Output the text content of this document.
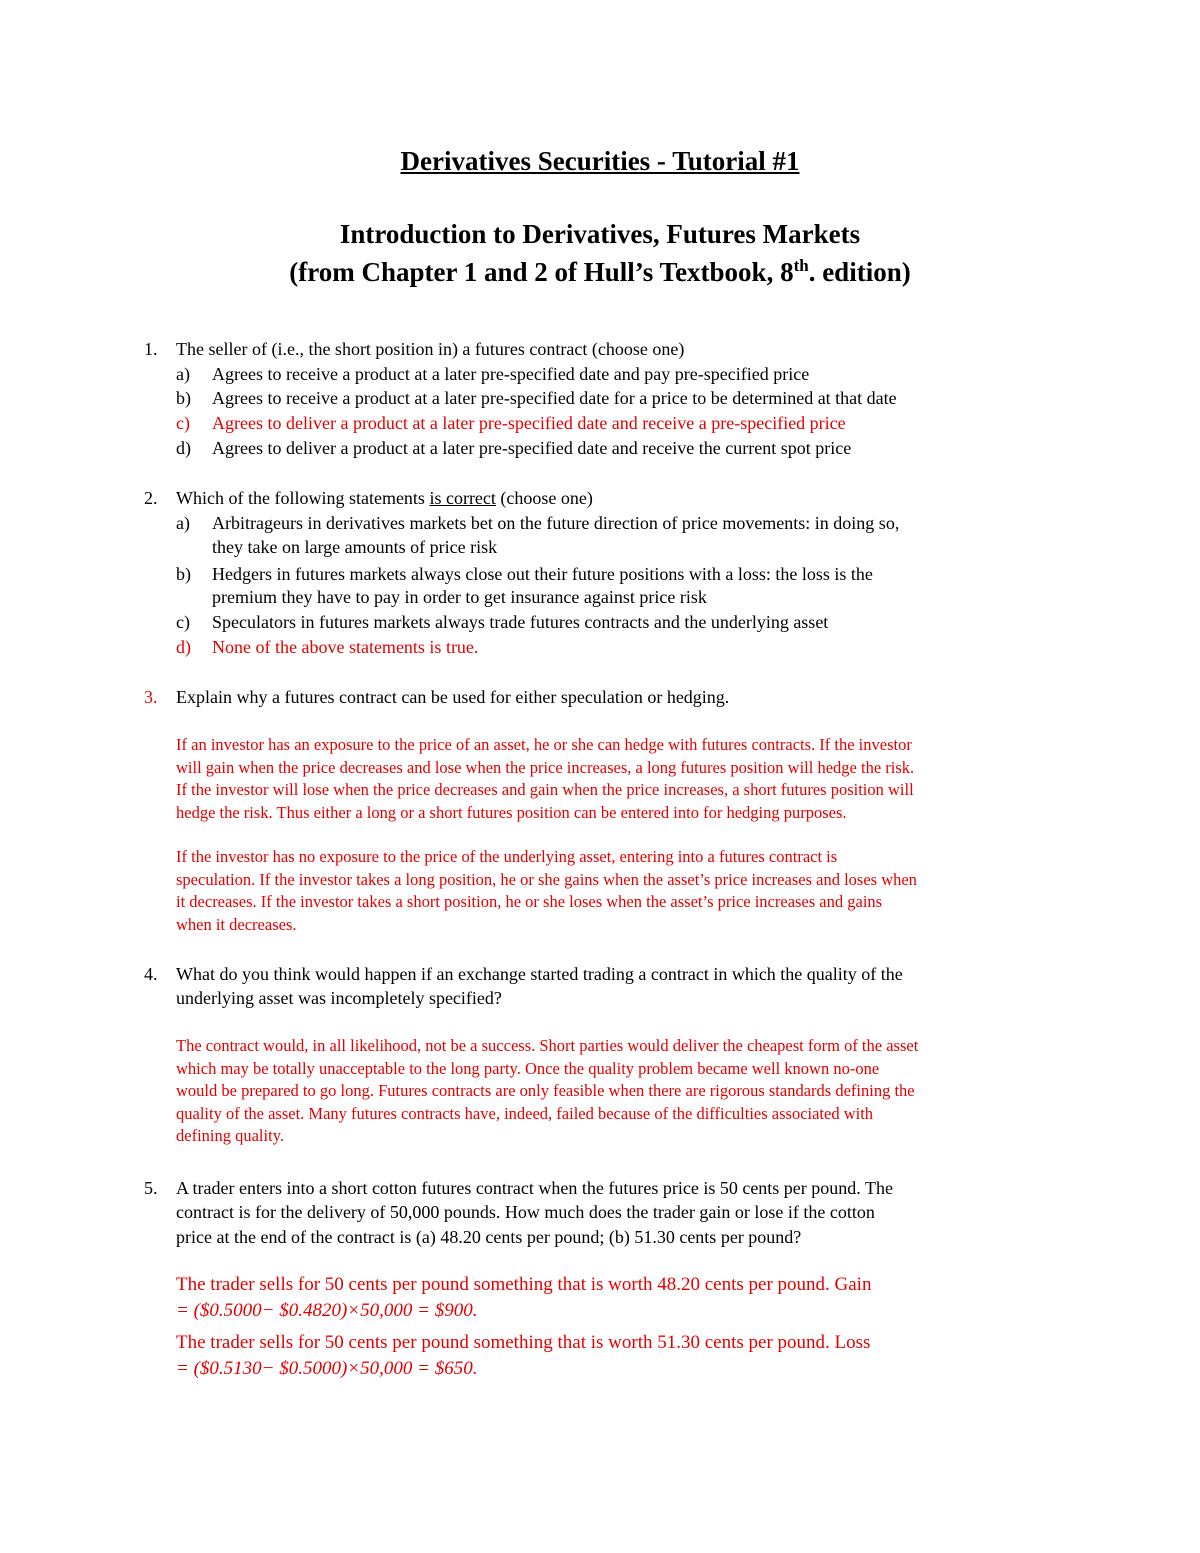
Derivatives Securities - Tutorial #1
Introduction to Derivatives, Futures Markets
(from Chapter 1 and 2 of Hull’s Textbook, 8th. edition)
1.	The seller of (i.e., the short position in) a futures contract (choose one)
a)	Agrees to receive a product at a later pre-specified date and pay pre-specified price
b)	Agrees to receive a product at a later pre-specified date for a price to be determined at that date
c)	Agrees to deliver a product at a later pre-specified date and receive a pre-specified price
d)	Agrees to deliver a product at a later pre-specified date and receive the current spot price
2.	Which of the following statements is correct (choose one)
a)	Arbitrageurs in derivatives markets bet on the future direction of price movements: in doing so,
they take on large amounts of price risk
b)	Hedgers in futures markets always close out their future positions with a loss: the loss is the
premium they have to pay in order to get insurance against price risk
c)	Speculators in futures markets always trade futures contracts and the underlying asset
d)	None of the above statements is true.
3.	Explain why a futures contract can be used for either speculation or hedging.
If an investor has an exposure to the price of an asset, he or she can hedge with futures contracts. If the investor
will gain when the price decreases and lose when the price increases, a long futures position will hedge the risk.
If the investor will lose when the price decreases and gain when the price increases, a short futures position will
hedge the risk. Thus either a long or a short futures position can be entered into for hedging purposes.
If the investor has no exposure to the price of the underlying asset, entering into a futures contract is
speculation. If the investor takes a long position, he or she gains when the asset’s price increases and loses when
it decreases. If the investor takes a short position, he or she loses when the asset’s price increases and gains
when it decreases.
4.	What do you think would happen if an exchange started trading a contract in which the quality of the
underlying asset was incompletely specified?
The contract would, in all likelihood, not be a success. Short parties would deliver the cheapest form of the asset
which may be totally unacceptable to the long party. Once the quality problem became well known no-one
would be prepared to go long. Futures contracts are only feasible when there are rigorous standards defining the
quality of the asset. Many futures contracts have, indeed, failed because of the difficulties associated with
defining quality.
5.	A trader enters into a short cotton futures contract when the futures price is 50 cents per pound. The
contract is for the delivery of 50,000 pounds. How much does the trader gain or lose if the cotton
price at the end of the contract is (a) 48.20 cents per pound; (b) 51.30 cents per pound?
The trader sells for 50 cents per pound something that is worth 48.20 cents per pound. Gain
= ($0.5000− $0.4820)×50,000 = $900.
The trader sells for 50 cents per pound something that is worth 51.30 cents per pound. Loss
= ($0.5130− $0.5000)×50,000 = $650.
